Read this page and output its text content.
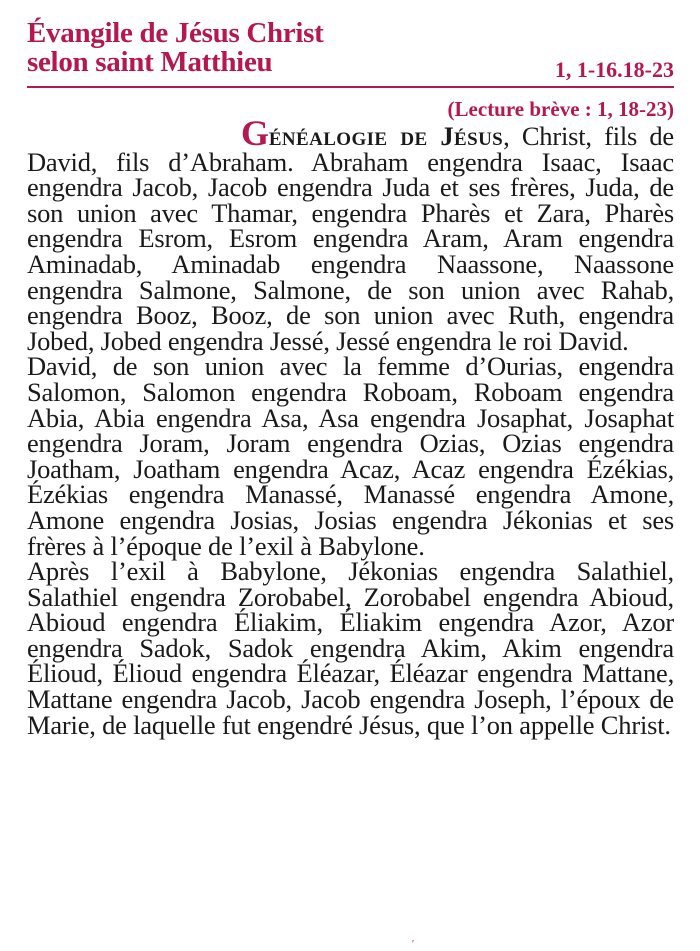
Évangile de Jésus Christ
selon saint Matthieu	1, 1-16.18-23
(Lecture brève : 1, 18-23)

Généalogie de Jésus, Christ, fils de David, fils d’Abraham. Abraham engendra Isaac, Isaac engendra Jacob, Jacob engendra Juda et ses frères, Juda, de son union avec Thamar, engendra Pharès et Zara, Pharès engendra Esrom, Esrom engendra Aram, Aram engendra Aminadab, Aminadab engendra Naassone, Naassone engendra Salmone, Salmone, de son union avec Rahab, engendra Booz, Booz, de son union avec Ruth, engendra Jobed, Jobed engendra Jessé, Jessé engendra le roi David.

David, de son union avec la femme d’Ourias, engendra Salomon, Salomon engendra Roboam, Roboam engendra Abia, Abia engendra Asa, Asa engendra Josaphat, Josaphat engendra Joram, Joram engendra Ozias, Ozias engendra Joatham, Joatham engendra Acaz, Acaz engendra Ézékias, Ézékias engendra Manassé, Manassé engendra Amone, Amone engendra Josias, Josias engendra Jékonias et ses frères à l’époque de l’exil à Babylone.

Après l’exil à Babylone, Jékonias engendra Salathiel, Salathiel engendra Zorobabel, Zorobabel engendra Abioud, Abioud engendra Éliakim, Éliakim engendra Azor, Azor engendra Sadok, Sadok engendra Akim, Akim engendra Élioud, Élioud engendra Éléazar, Éléazar engendra Mattane, Mattane engendra Jacob, Jacob engendra Joseph, l’époux de Marie, de laquelle fut engendré Jésus, que l’on appelle Christ.

ʹ
